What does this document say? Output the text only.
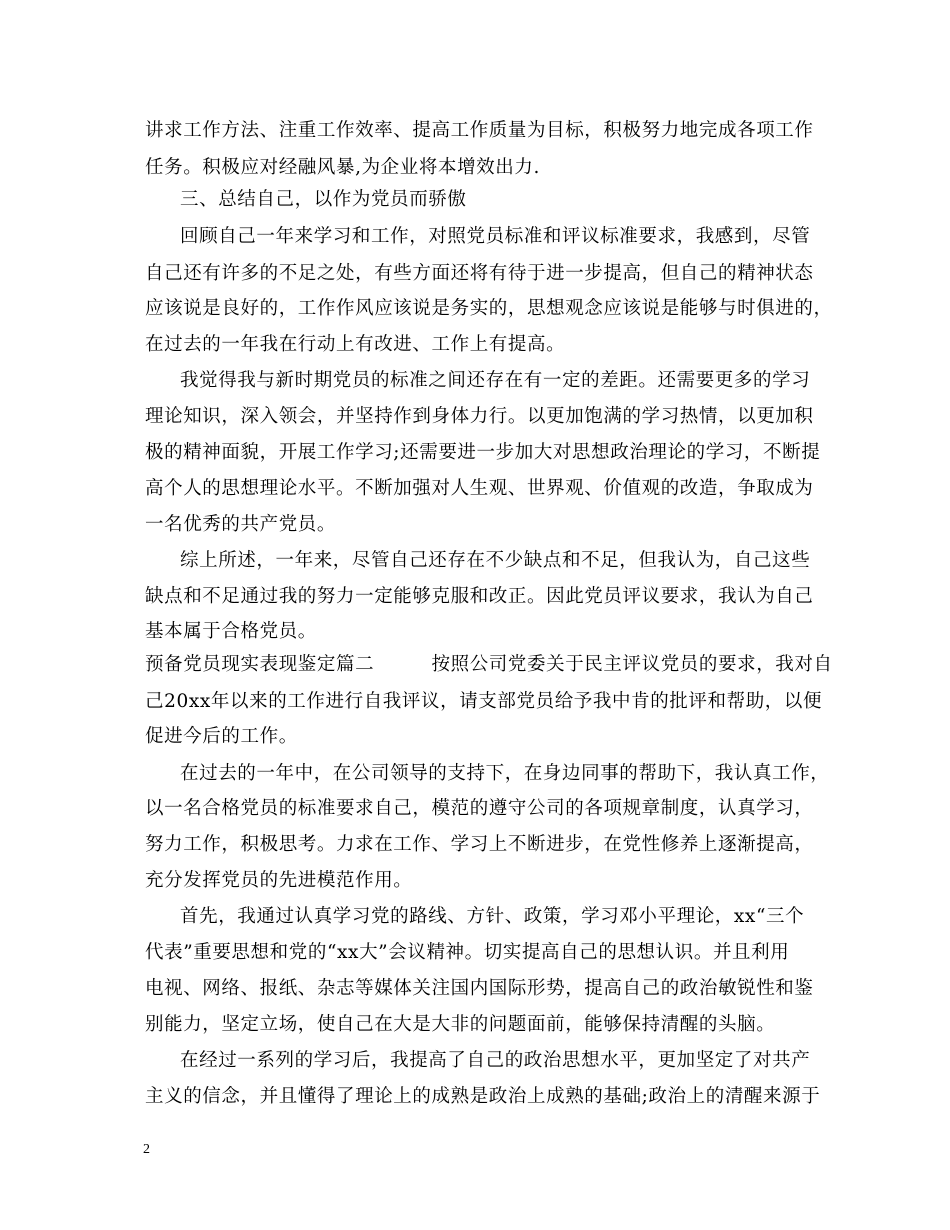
讲求工作方法、注重工作效率、提高工作质量为目标，积极努力地完成各项工作
任务。积极应对经融风暴,为企业将本增效出力.
三、总结自己，以作为党员而骄傲
回顾自己一年来学习和工作，对照党员标准和评议标准要求，我感到，尽管
自己还有许多的不足之处，有些方面还将有待于进一步提高，但自己的精神状态
应该说是良好的，工作作风应该说是务实的，思想观念应该说是能够与时俱进的，
在过去的一年我在行动上有改进、工作上有提高。
我觉得我与新时期党员的标准之间还存在有一定的差距。还需要更多的学习
理论知识，深入领会，并坚持作到身体力行。以更加饱满的学习热情，以更加积
极的精神面貌，开展工作学习;还需要进一步加大对思想政治理论的学习，不断提
高个人的思想理论水平。不断加强对人生观、世界观、价值观的改造，争取成为
一名优秀的共产党员。
综上所述，一年来，尽管自己还存在不少缺点和不足，但我认为，自己这些
缺点和不足通过我的努力一定能够克服和改正。因此党员评议要求，我认为自己
基本属于合格党员。
预备党员现实表现鉴定篇二　　　按照公司党委关于民主评议党员的要求，我对自
己20xx年以来的工作进行自我评议，请支部党员给予我中肯的批评和帮助，以便
促进今后的工作。
在过去的一年中，在公司领导的支持下，在身边同事的帮助下，我认真工作，
以一名合格党员的标准要求自己，模范的遵守公司的各项规章制度，认真学习，
努力工作，积极思考。力求在工作、学习上不断进步，在党性修养上逐渐提高，
充分发挥党员的先进模范作用。
首先，我通过认真学习党的路线、方针、政策，学习邓小平理论，xx“三个
代表”重要思想和党的“xx大”会议精神。切实提高自己的思想认识。并且利用
电视、网络、报纸、杂志等媒体关注国内国际形势，提高自己的政治敏锐性和鉴
别能力，坚定立场，使自己在大是大非的问题面前，能够保持清醒的头脑。
在经过一系列的学习后，我提高了自己的政治思想水平，更加坚定了对共产
主义的信念，并且懂得了理论上的成熟是政治上成熟的基础;政治上的清醒来源于
2
